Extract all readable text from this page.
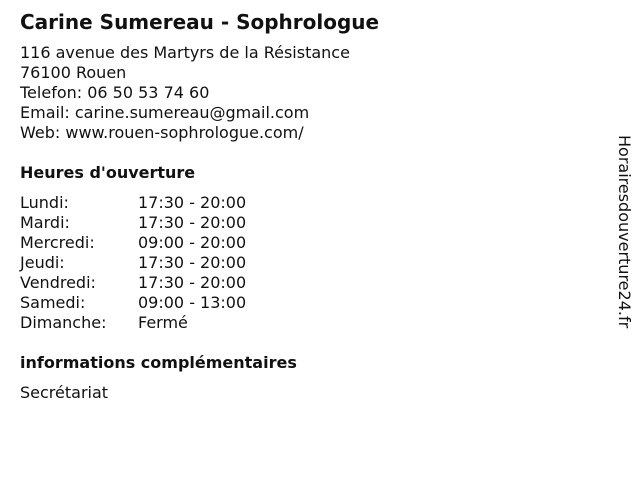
Carine Sumereau - Sophrologue
116 avenue des Martyrs de la Résistance
76100 Rouen
Telefon: 06 50 53 74 60
Email: carine.sumereau@gmail.com
Web: www.rouen-sophrologue.com/
Heures d'ouverture
Lundi:	17:30 - 20:00
Mardi:	17:30 - 20:00
Mercredi:	09:00 - 20:00
Jeudi:	17:30 - 20:00
Vendredi:	17:30 - 20:00
Samedi:	09:00 - 13:00
Dimanche:	Fermé
informations complémentaires
Secrétariat
Horairesdouverture24.fr
